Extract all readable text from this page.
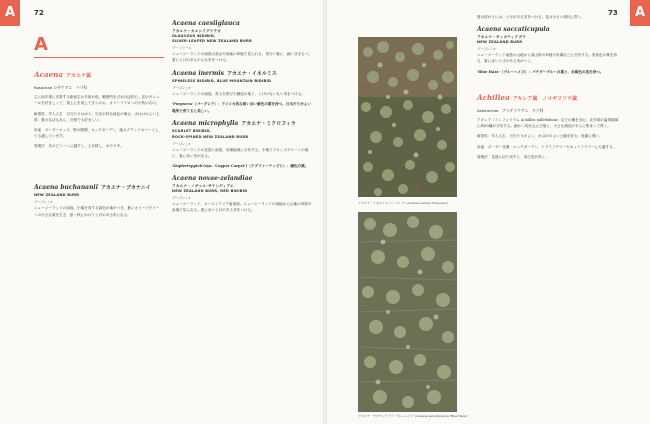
A	72
A
Acaena アカエナ属
Rosaceae ロザケアエ　バラ科

主に南半球に多数する新低生の半低の低、範囲内を占めほぼ約に、花のモニュールを好ましくて、頂上にを成してきらのお、オリーフブロンの小枝の名の。

耐寒性：早入人生　日当たりは水々、日光が好な緑色の葉さ、水はけのよい土質、夏の名ばもなら、石壁でも好ましい。

用途　ボーダーエッジ、壁の隙間、ロックガーデン、踏みグランドカバーとしても適しています。

管理法　冬のどシーンに越すと、土を耕し、水やり中。

Acaena buchananii アカエナ・ブカナニイ
NEW ZEALAND BURR
ブージレンr

ニュージーランドの南島。小葉を有する緑色の葉がつき、夏にオリーブグリーンの小さな葉を生き、夏〜秋にかけてとげのある実になる。

Acaena caesiiglauca
アカエナ・カエシイグラウカ
GLAUCOUS BIDIBID,
SILVER-LEAFED NEW ZEALAND BURR
ブーンシーレ

ニュージーランドの南島の高山や低地の草地で見られる。青白い葉に、細い茎をもつ。夏にとげのある小さな実をつける。

Acaena inermis アカエナ・イネルミス
SPINELESS BIDIBID, BLUE MOUNTAIN BIDIBID
ブージレンr

ニュージーランドの南島。青みを帯びた銅色の葉と、とげのない丸い実をつける。

'Purpurea'（パープレア）：アメリカ的な暗い赤い紫色の葉を持つ。日当たりがよい場所で育てると美しい。

Acaena microphylla アカエナ・ミクロフィラ
SCARLET BIDIBID,
ROCK-SPINED NEW ZEALAND BURR
ブージレンr

ニュージーランドの北島と南島、岩場地域に分布する。小葉でブロンズグリーンの葉に、夏に赤い実がなる。

'Kupferteppich'(syn. 'Copper Carpet')（クプファーテッピヒ）：銅色の葉。

Acaena novae-zelandiae
アカエナ・ノヴァエ-ゼランディアエ
NEW ZEALAND BURR, RED BIDIBID
ブージレンr

ニュージーランド、オーストラリア南東部。ニュージーランドの低地から山地の草原や岩場で見られる。夏に赤いとげのある実をつける。

73	A
アカエナ・イネルミス 'パープレア' (Acaena inermis 'Purpurea')
アカエナ・サカティクプラ 'ブルーヘイズ' (Acaena saccaticupula 'Blue Haze')

夏の終わりには、とげのある実をつける。花は小さい球状に咲く。

Acaena saccaticupula
アカエナ・サッカティクプラ
NEW ZEALAND BURR
ブージレンr

ニュージーランド南島の山地から高山帯の草地や岩場などに分布する。青灰色の葉を持ち、夏に赤いとげのある実がつく。

'Blue Haze'（ブルーヘイズ）：パウダーブルーの葉と、赤褐色の茎を持つ。

Achillea アキレア属　ノコギリソウ属
Asteraceae　アステラケアエ　キク科

アキレア（ミレフォリウム Achillea millefolium）などの種を含む。北半球の温帯地域に約85種が分布する。細かく切れ込んだ葉と、小さな頭花が平らに集まって咲く。

耐寒性：早入人生　日当たりがよく、水はけのよい土壌を好む。乾燥に強い。

用途　ボーダー花壇、ロックガーデン、ドライフラワーやカットフラワーにも適する。

管理法　花後に切り戻すと、再び花が咲く。
